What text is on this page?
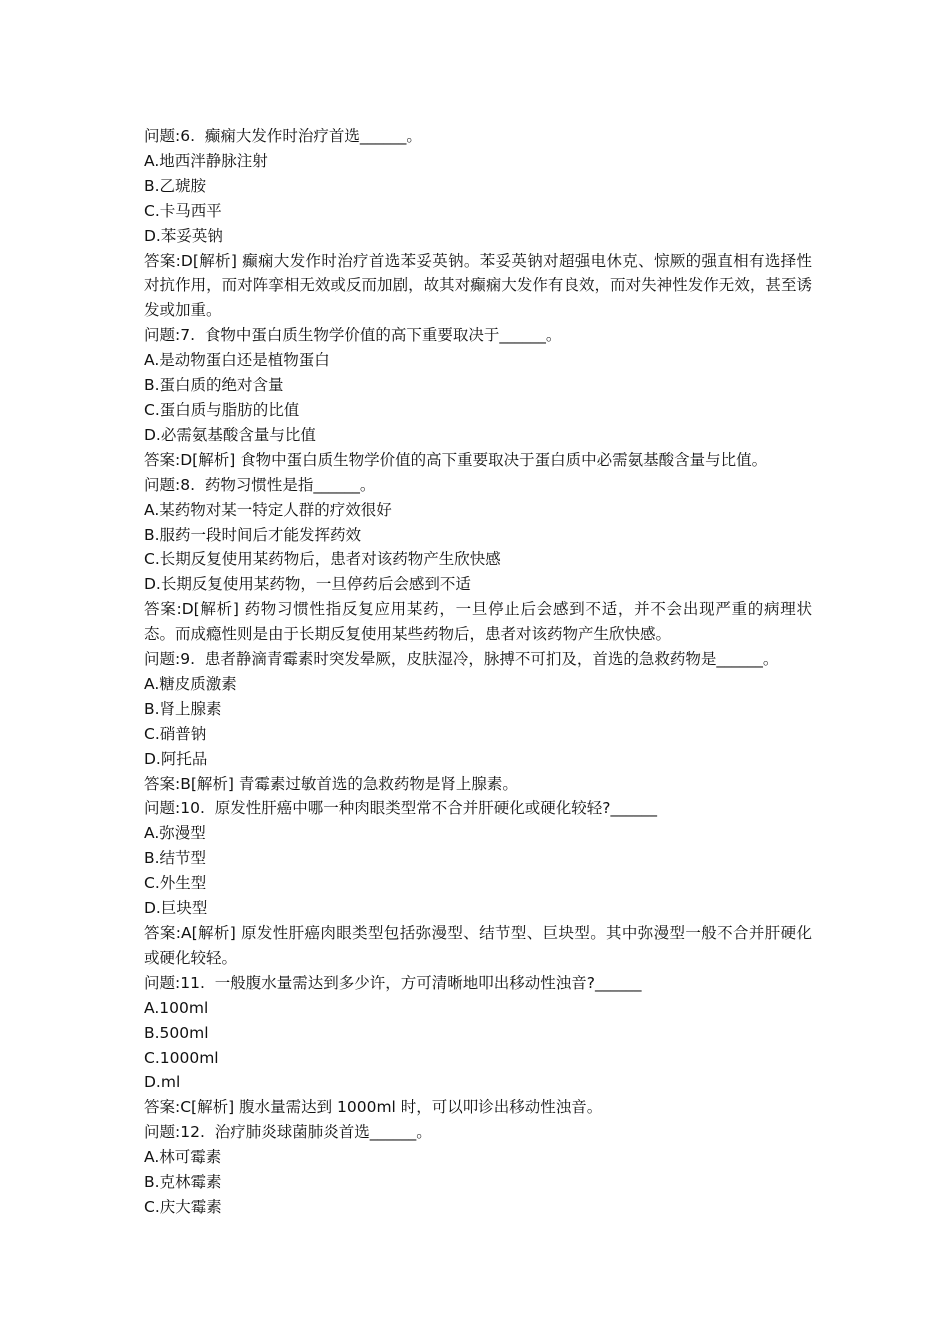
问题:6.  癫痫大发作时治疗首选______。
A.地西泮静脉注射
B.乙琥胺
C.卡马西平
D.苯妥英钠
答案:D[解析] 癫痫大发作时治疗首选苯妥英钠。苯妥英钠对超强电休克、惊厥的强直相有选择性对抗作用，而对阵挛相无效或反而加剧，故其对癫痫大发作有良效，而对失神性发作无效，甚至诱发或加重。
问题:7.  食物中蛋白质生物学价值的高下重要取决于______。
A.是动物蛋白还是植物蛋白
B.蛋白质的绝对含量
C.蛋白质与脂肪的比值
D.必需氨基酸含量与比值
答案:D[解析] 食物中蛋白质生物学价值的高下重要取决于蛋白质中必需氨基酸含量与比值。
问题:8.  药物习惯性是指______。
A.某药物对某一特定人群的疗效很好
B.服药一段时间后才能发挥药效
C.长期反复使用某药物后，患者对该药物产生欣快感
D.长期反复使用某药物，一旦停药后会感到不适
答案:D[解析] 药物习惯性指反复应用某药，一旦停止后会感到不适，并不会出现严重的病理状态。而成瘾性则是由于长期反复使用某些药物后，患者对该药物产生欣快感。
问题:9.  患者静滴青霉素时突发晕厥，皮肤湿冷，脉搏不可扪及，首选的急救药物是______。
A.糖皮质激素
B.肾上腺素
C.硝普钠
D.阿托品
答案:B[解析] 青霉素过敏首选的急救药物是肾上腺素。
问题:10.  原发性肝癌中哪一种肉眼类型常不合并肝硬化或硬化较轻?______
A.弥漫型
B.结节型
C.外生型
D.巨块型
答案:A[解析] 原发性肝癌肉眼类型包括弥漫型、结节型、巨块型。其中弥漫型一般不合并肝硬化或硬化较轻。
问题:11.  一般腹水量需达到多少许，方可清晰地叩出移动性浊音?______
A.100ml
B.500ml
C.1000ml
D.ml
答案:C[解析] 腹水量需达到 1000ml 时，可以叩诊出移动性浊音。
问题:12.  治疗肺炎球菌肺炎首选______。
A.林可霉素
B.克林霉素
C.庆大霉素
